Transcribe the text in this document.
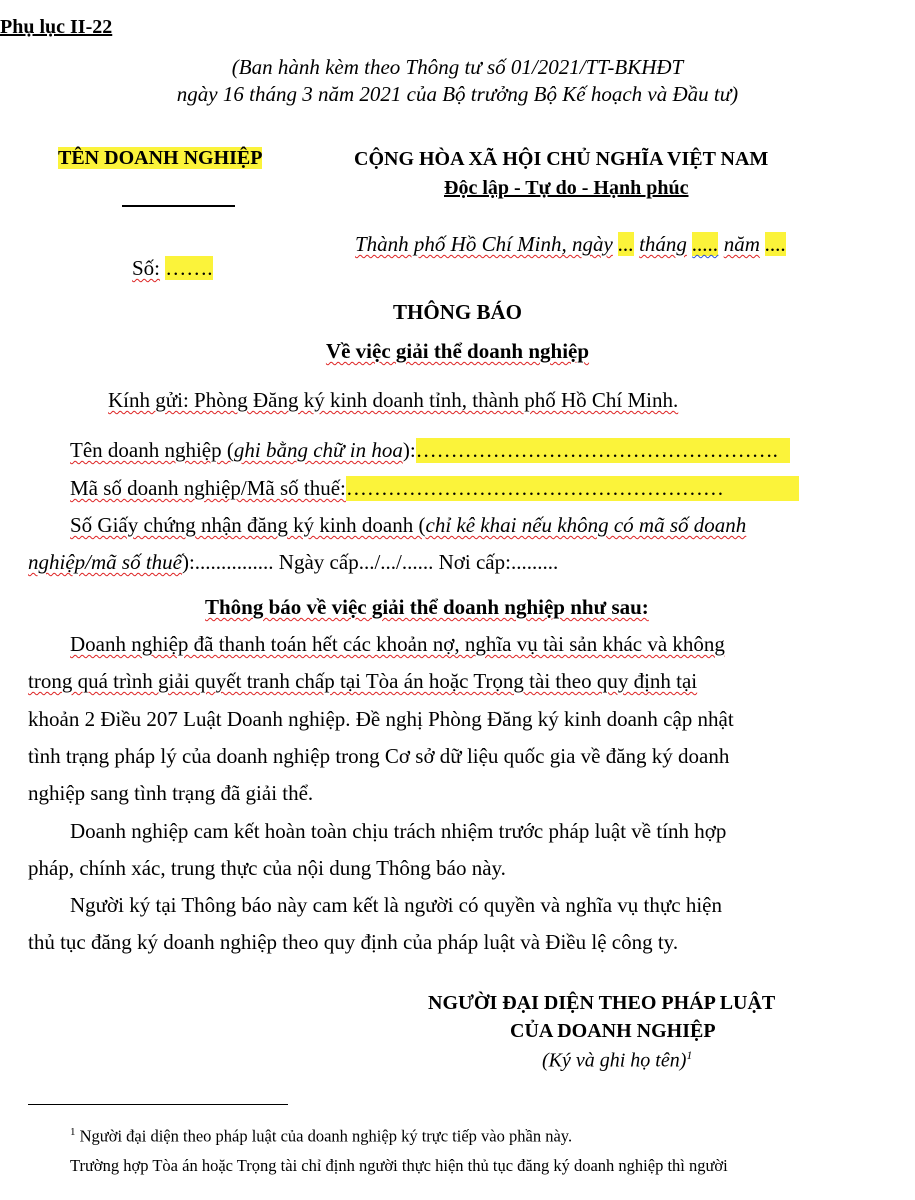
Phụ lục II-22
(Ban hành kèm theo Thông tư số 01/2021/TT-BKHĐT
ngày 16 tháng 3 năm 2021 của Bộ trưởng Bộ Kế hoạch và Đầu tư)
TÊN DOANH NGHIỆP
Số: …….
CỘNG HÒA XÃ HỘI CHỦ NGHĨA VIỆT NAM
Độc lập - Tự do - Hạnh phúc
Thành phố Hồ Chí Minh, ngày ... tháng ..... năm ....
THÔNG BÁO
Về việc giải thể doanh nghiệp
Kính gửi: Phòng Đăng ký kinh doanh tỉnh, thành phố Hồ Chí Minh.
Tên doanh nghiệp (ghi bằng chữ in hoa):…………………………………………….
Mã số doanh nghiệp/Mã số thuế:………………………………………………
Số Giấy chứng nhận đăng ký kinh doanh (chỉ kê khai nếu không có mã số doanh
nghiệp/mã số thuế):............... Ngày cấp.../.../...... Nơi cấp:.........
Thông báo về việc giải thể doanh nghiệp như sau:
Doanh nghiệp đã thanh toán hết các khoản nợ, nghĩa vụ tài sản khác và không
trong quá trình giải quyết tranh chấp tại Tòa án hoặc Trọng tài theo quy định tại
khoản 2 Điều 207 Luật Doanh nghiệp. Đề nghị Phòng Đăng ký kinh doanh cập nhật
tình trạng pháp lý của doanh nghiệp trong Cơ sở dữ liệu quốc gia về đăng ký doanh
nghiệp sang tình trạng đã giải thể.
Doanh nghiệp cam kết hoàn toàn chịu trách nhiệm trước pháp luật về tính hợp
pháp, chính xác, trung thực của nội dung Thông báo này.
Người ký tại Thông báo này cam kết là người có quyền và nghĩa vụ thực hiện
thủ tục đăng ký doanh nghiệp theo quy định của pháp luật và Điều lệ công ty.
NGƯỜI ĐẠI DIỆN THEO PHÁP LUẬT
CỦA DOANH NGHIỆP
(Ký và ghi họ tên)$^1$
$^1$ Người đại diện theo pháp luật của doanh nghiệp ký trực tiếp vào phần này.
Trường hợp Tòa án hoặc Trọng tài chỉ định người thực hiện thủ tục đăng ký doanh nghiệp thì người
